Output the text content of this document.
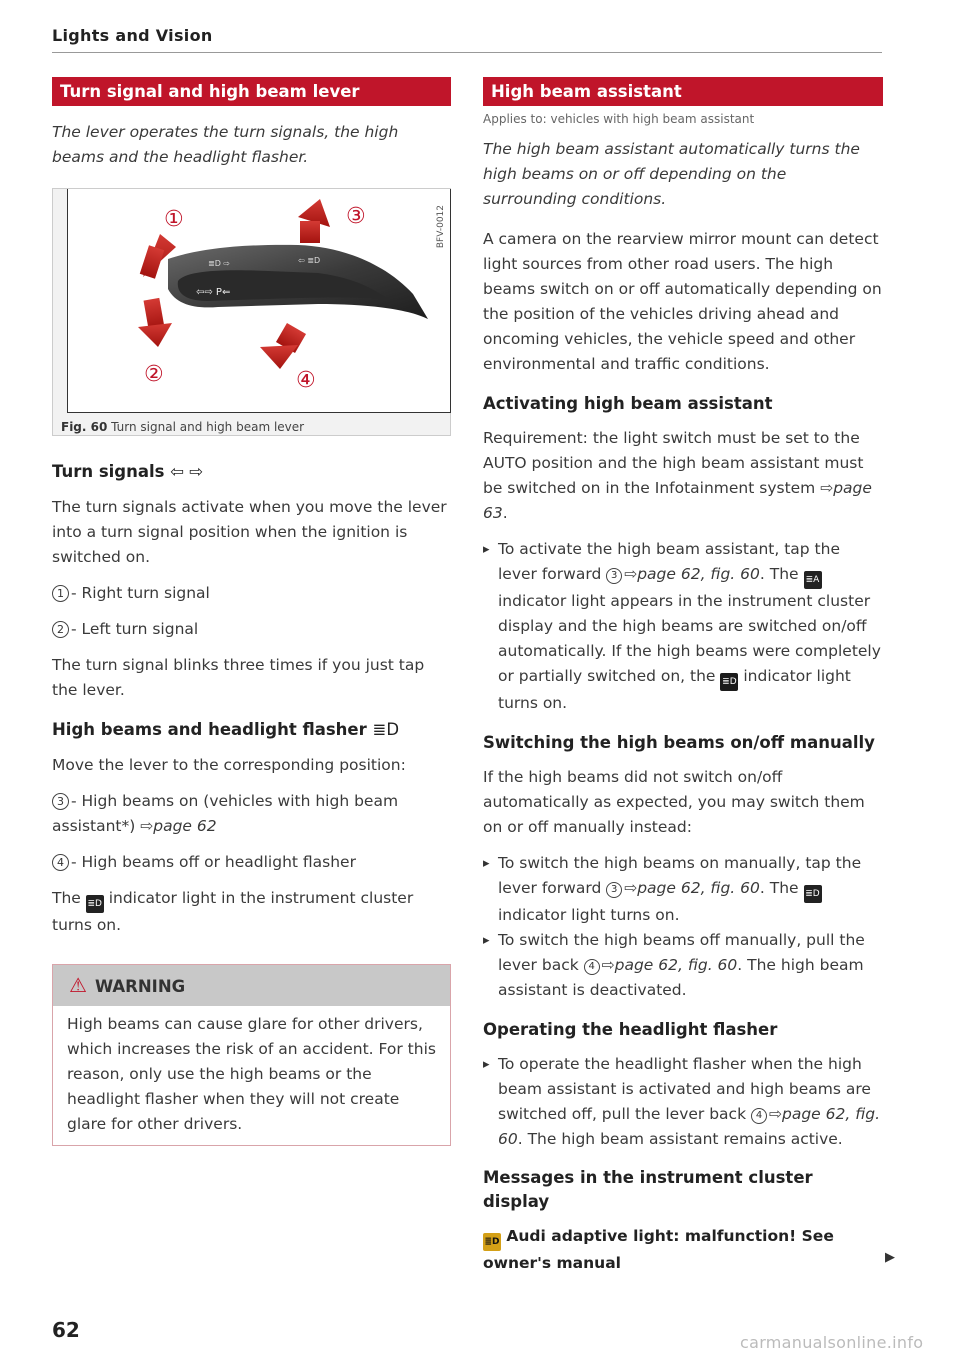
Lights and Vision
Turn signal and high beam lever

The lever operates the turn signals, the high beams and the headlight flasher.

≣D ⇨	⇦ ≣D
⇦⇨ P⇐
①
②
③
④
BFV-0012
Fig. 60 Turn signal and high beam lever
Turn signals ⇦ ⇨

The turn signals activate when you move the lever into a turn signal position when the ignition is switched on.

1 - Right turn signal

2 - Left turn signal

The turn signal blinks three times if you just tap the lever.

High beams and headlight flasher ≣D

Move the lever to the corresponding position:

3 - High beams on (vehicles with high beam assistant*) ⇨page 62

4 - High beams off or headlight flasher

The ≣D indicator light in the instrument cluster turns on.

⚠ WARNING

High beams can cause glare for other drivers, which increases the risk of an accident. For this reason, only use the high beams or the headlight flasher when they will not create glare for other drivers.

High beam assistant
Applies to: vehicles with high beam assistant

The high beam assistant automatically turns the high beams on or off depending on the surrounding conditions.

A camera on the rearview mirror mount can detect light sources from other road users. The high beams switch on or off automatically depending on the position of the vehicles driving ahead and oncoming vehicles, the vehicle speed and other environmental and traffic conditions.

Activating high beam assistant

Requirement: the light switch must be set to the AUTO position and the high beam assistant must be switched on in the Infotainment system ⇨page 63.

▸ To activate the high beam assistant, tap the lever forward 3 ⇨page 62, fig. 60. The ≣A indicator light appears in the instrument cluster display and the high beams are switched on/off automatically. If the high beams were completely or partially switched on, the ≣D indicator light turns on.

Switching the high beams on/off manually

If the high beams did not switch on/off automatically as expected, you may switch them on or off manually instead:

▸ To switch the high beams on manually, tap the lever forward 3 ⇨page 62, fig. 60. The ≣D indicator light turns on.

▸ To switch the high beams off manually, pull the lever back 4 ⇨page 62, fig. 60. The high beam assistant is deactivated.

Operating the headlight flasher

▸ To operate the headlight flasher when the high beam assistant is activated and high beams are switched off, pull the lever back 4 ⇨page 62, fig. 60. The high beam assistant remains active.

Messages in the instrument cluster display
≣D Audi adaptive light: malfunction! See owner's manual	▶
62
carmanualsonline.info
